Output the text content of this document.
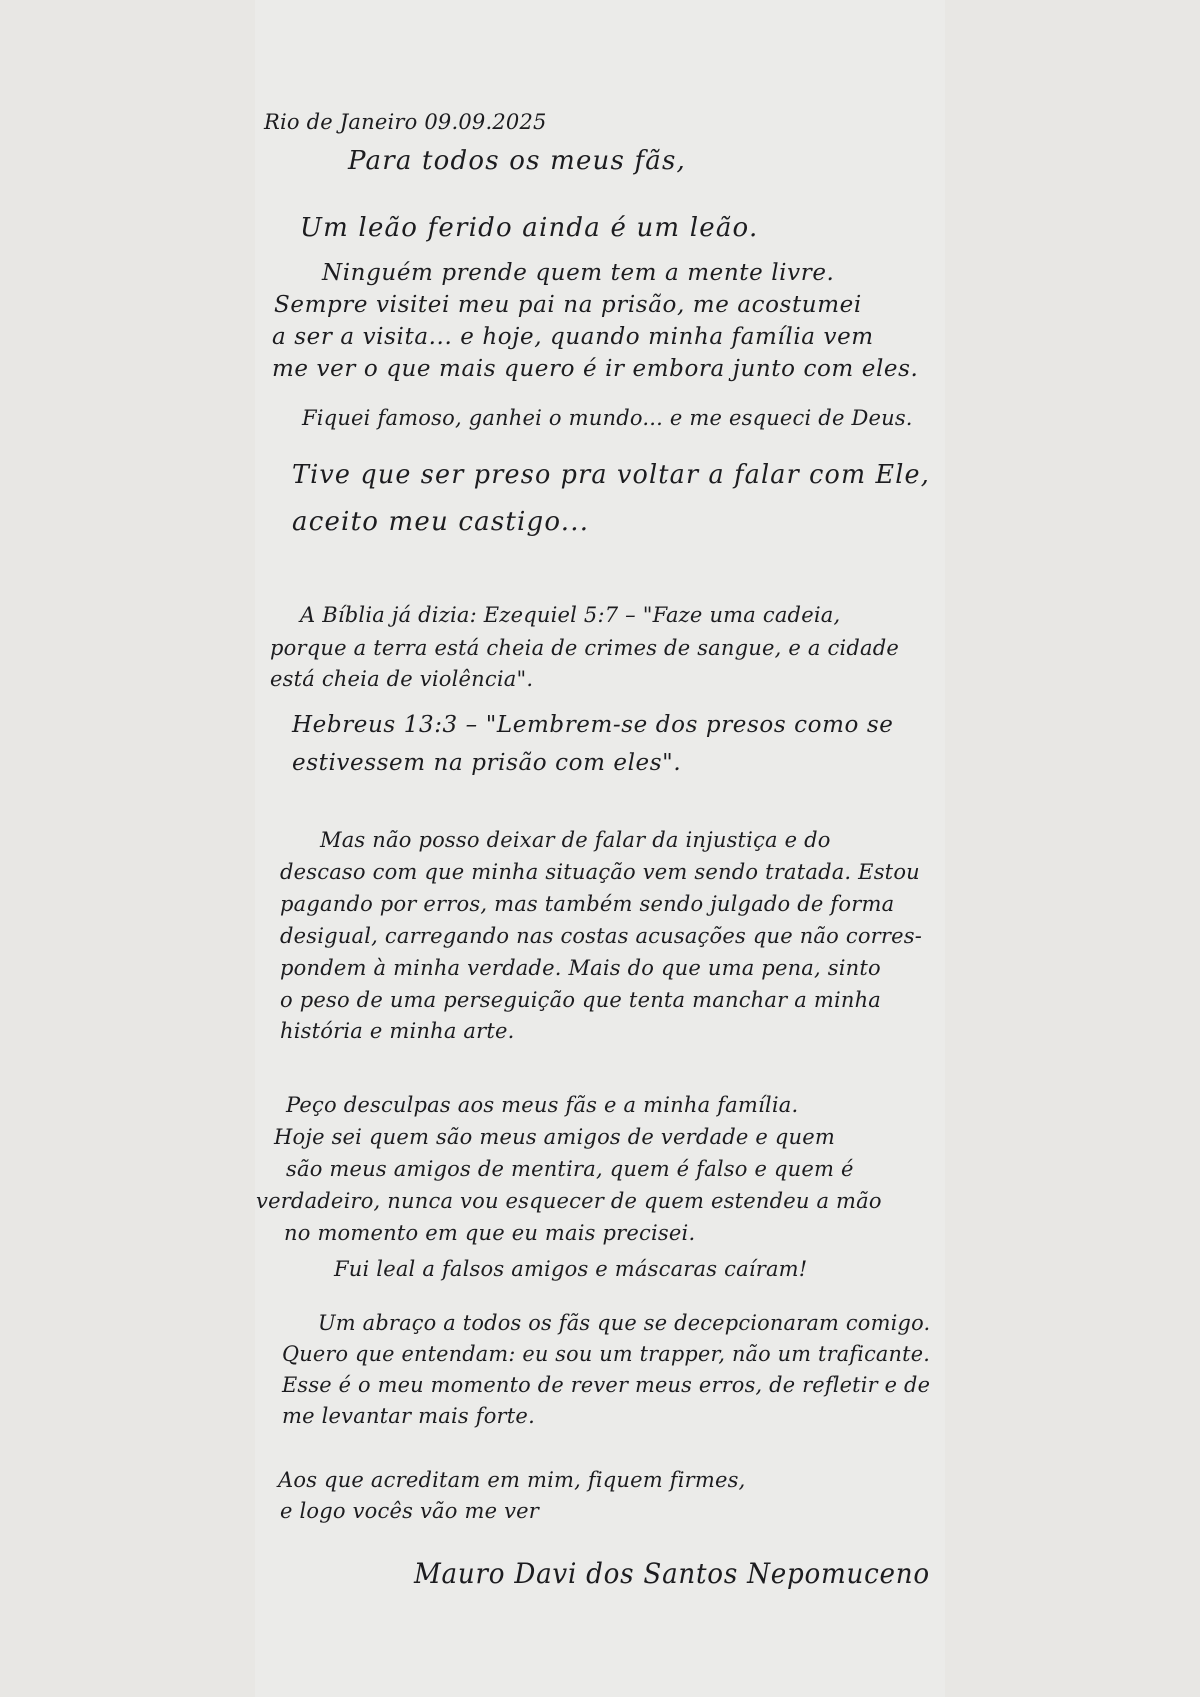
Rio de Janeiro 09.09.2025

Para todos os meus fãs,

Um leão ferido ainda é um leão.

Ninguém prende quem tem a mente livre.

Sempre visitei meu pai na prisão, me acostumei

a ser a visita... e hoje, quando minha família vem

me ver o que mais quero é ir embora junto com eles.

Fiquei famoso, ganhei o mundo... e me esqueci de Deus.

Tive que ser preso pra voltar a falar com Ele,

aceito meu castigo...

A Bíblia já dizia: Ezequiel 5:7 – "Faze uma cadeia,

porque a terra está cheia de crimes de sangue, e a cidade

está cheia de violência".

Hebreus 13:3 – "Lembrem-se dos presos como se

estivessem na prisão com eles".

Mas não posso deixar de falar da injustiça e do

descaso com que minha situação vem sendo tratada. Estou

pagando por erros, mas também sendo julgado de forma

desigual, carregando nas costas acusações que não corres-

pondem à minha verdade. Mais do que uma pena, sinto

o peso de uma perseguição que tenta manchar a minha

história e minha arte.

Peço desculpas aos meus fãs e a minha família.

Hoje sei quem são meus amigos de verdade e quem

são meus amigos de mentira, quem é falso e quem é

verdadeiro, nunca vou esquecer de quem estendeu a mão

no momento em que eu mais precisei.

Fui leal a falsos amigos e máscaras caíram!

Um abraço a todos os fãs que se decepcionaram comigo.

Quero que entendam: eu sou um trapper, não um traficante.

Esse é o meu momento de rever meus erros, de refletir e de

me levantar mais forte.

Aos que acreditam em mim, fiquem firmes,

e logo vocês vão me ver

Mauro Davi dos Santos Nepomuceno
